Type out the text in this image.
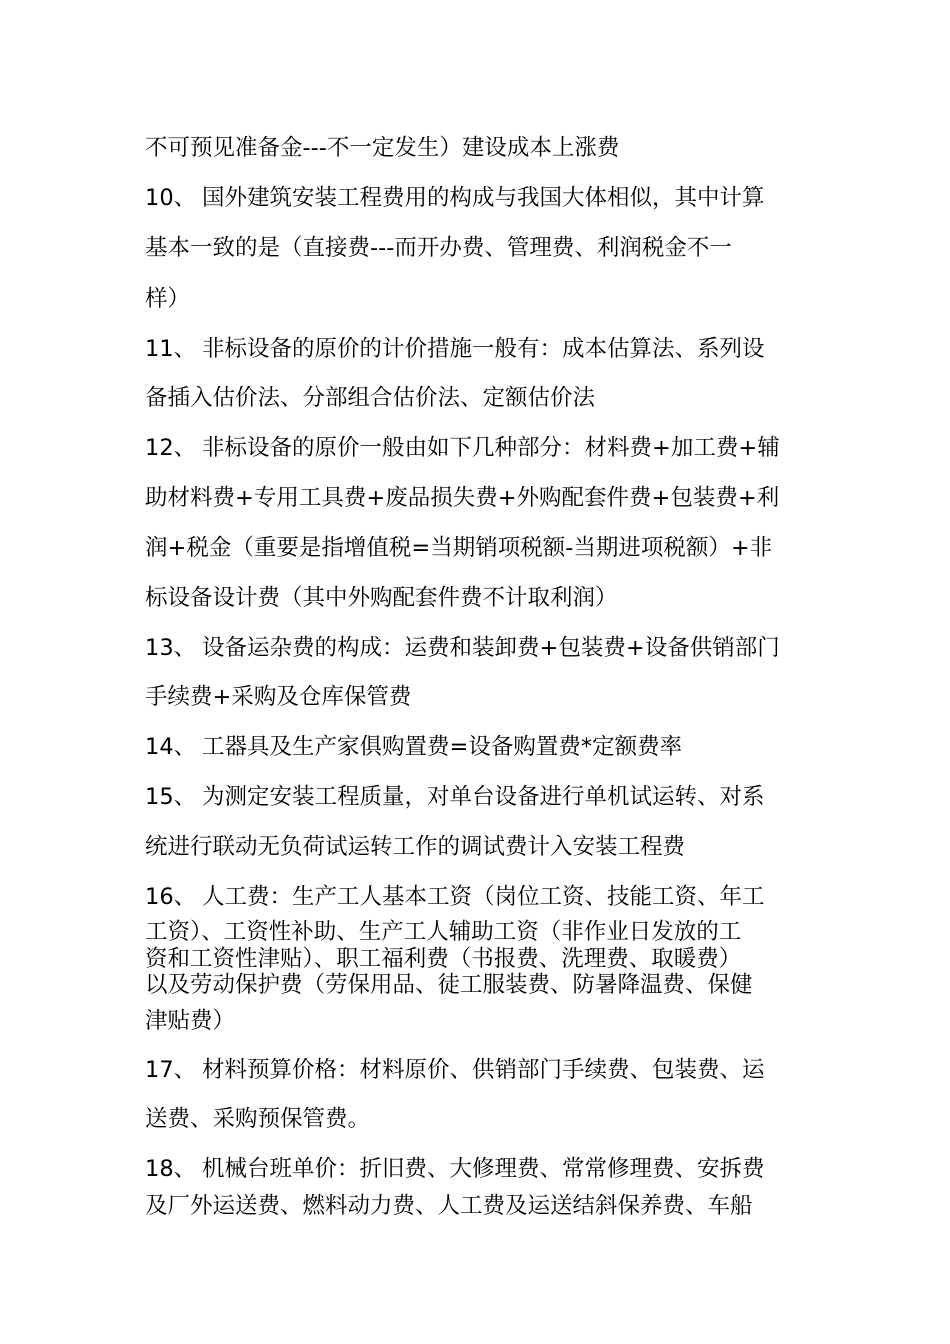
不可预见准备金---不一定发生）建设成本上涨费
10、 国外建筑安装工程费用的构成与我国大体相似，其中计算
基本一致的是（直接费---而开办费、管理费、利润税金不一
样）
11、 非标设备的原价的计价措施一般有：成本估算法、系列设
备插入估价法、分部组合估价法、定额估价法
12、 非标设备的原价一般由如下几种部分：材料费+加工费+辅
助材料费+专用工具费+废品损失费+外购配套件费+包装费+利
润+税金（重要是指增值税=当期销项税额-当期进项税额）+非
标设备设计费（其中外购配套件费不计取利润）
13、 设备运杂费的构成：运费和装卸费+包装费+设备供销部门
手续费+采购及仓库保管费
14、 工器具及生产家俱购置费=设备购置费*定额费率
15、 为测定安装工程质量，对单台设备进行单机试运转、对系
统进行联动无负荷试运转工作的调试费计入安装工程费
16、 人工费：生产工人基本工资（岗位工资、技能工资、年工
工资）、工资性补助、生产工人辅助工资（非作业日发放的工
资和工资性津贴）、职工福利费（书报费、洗理费、取暖费）
以及劳动保护费（劳保用品、徒工服装费、防暑降温费、保健
津贴费）
17、 材料预算价格：材料原价、供销部门手续费、包装费、运
送费、采购预保管费。
18、 机械台班单价：折旧费、大修理费、常常修理费、安拆费
及厂外运送费、燃料动力费、人工费及运送结斜保养费、车船
